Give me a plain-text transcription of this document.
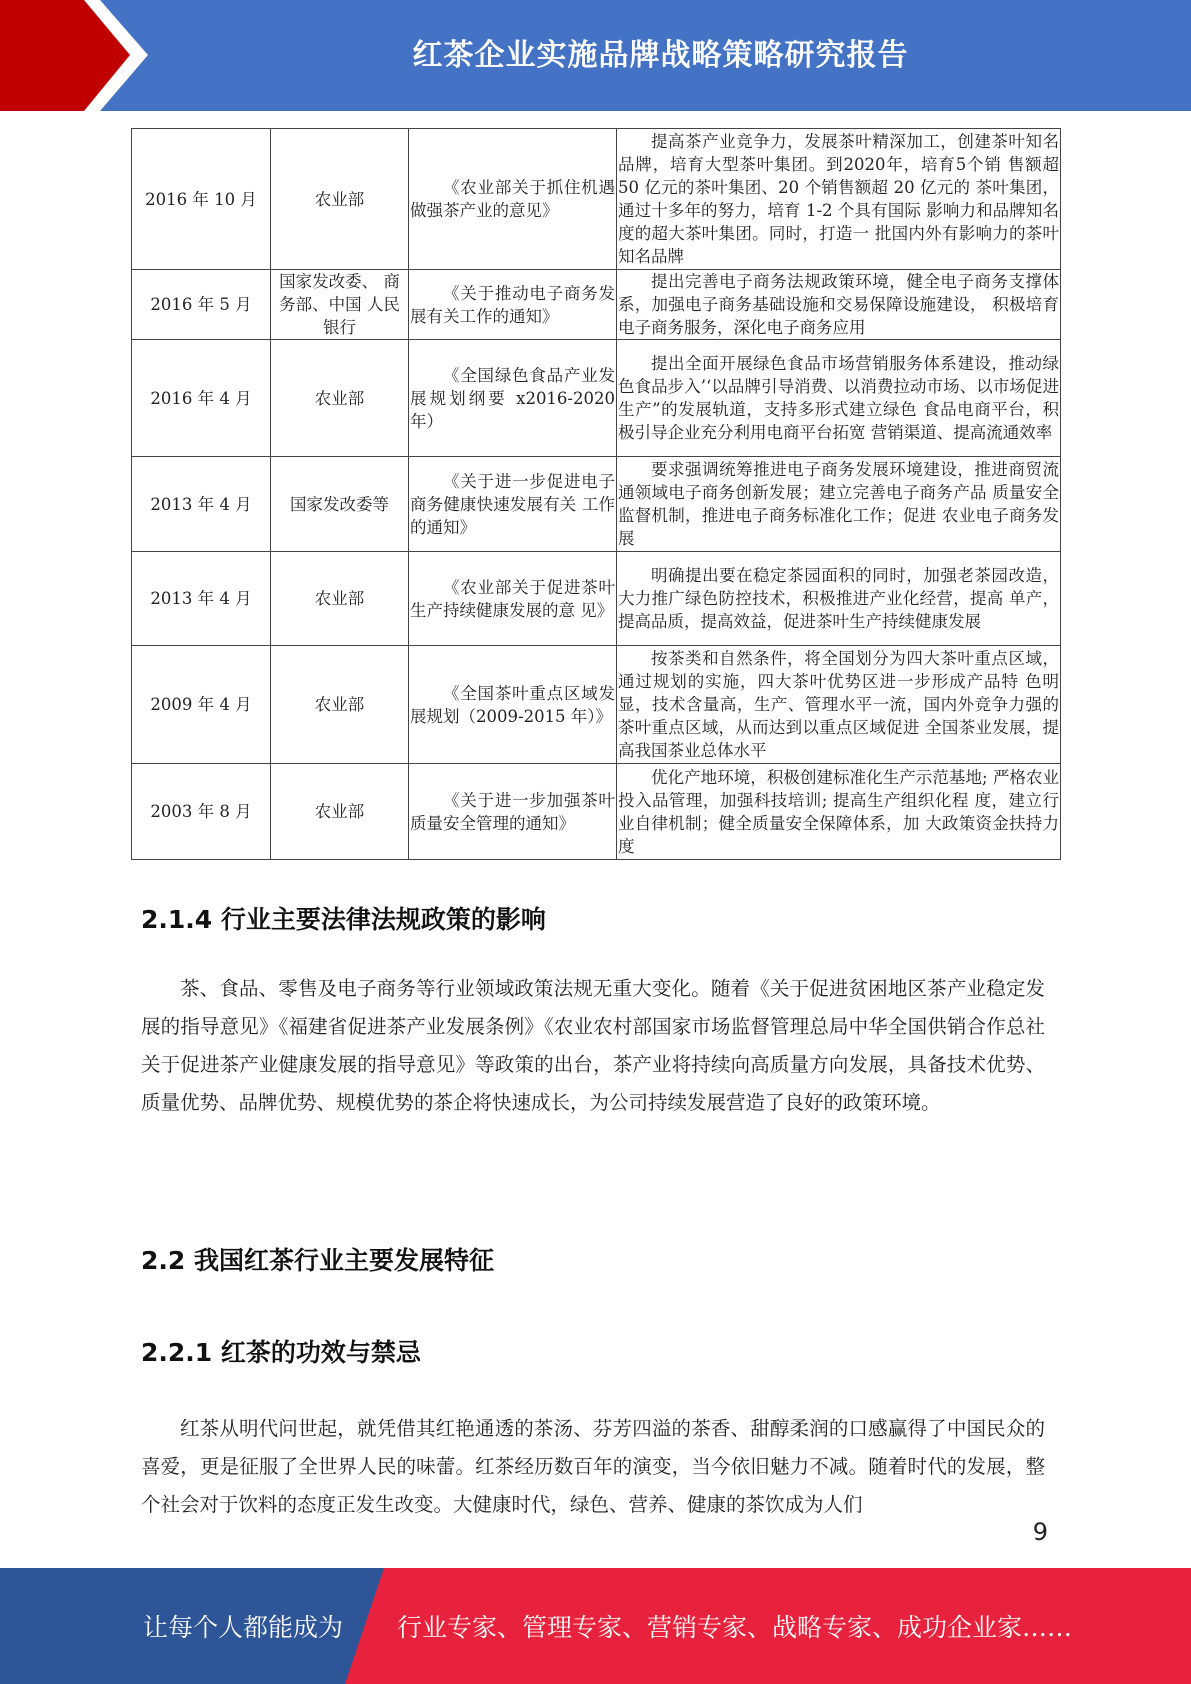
红茶企业实施品牌战略策略研究报告
2016 年 10 月	农业部	《农业部关于抓住机遇 做强茶产业的意见》	提高茶产业竞争力，发展茶叶精深加工，创建茶叶知名品牌，培育大型茶叶集团。到2020年，培育5个销 售额超 50 亿元的茶叶集团、20 个销售额超 20 亿元的 茶叶集团，通过十多年的努力，培育 1-2 个具有国际 影响力和品牌知名度的超大茶叶集团。同时，打造一 批国内外有影响力的茶叶知名品牌
2016 年 5 月	国家发改委、 商务部、中国 人民银行	《关于推动电子商务发 展有关工作的通知》	提出完善电子商务法规政策环境，健全电子商务支撑体系，加强电子商务基础设施和交易保障设施建设， 积极培育电子商务服务，深化电子商务应用
2016 年 4 月	农业部	《全国绿色食品产业发 展规划纲要 x2016-2020 年）	提出全面开展绿色食品市场营销服务体系建设，推动绿色食品步入’‘以品牌引导消费、以消费拉动市场、以市场促进生产”的发展轨道，支持多形式建立绿色 食品电商平台，积极引导企业充分利用电商平台拓宽 营销渠道、提高流通效率
2013 年 4 月	国家发改委等	《关于进一步促进电子 商务健康快速发展有关 工作的通知》	要求强调统筹推进电子商务发展环境建设，推进商贸流通领域电子商务创新发展；建立完善电子商务产品 质量安全监督机制，推进电子商务标准化工作；促进 农业电子商务发展
2013 年 4 月	农业部	《农业部关于促进茶叶 生产持续健康发展的意 见》	明确提出要在稳定茶园面积的同时，加强老茶园改造， 大力推广绿色防控技术，积极推进产业化经营，提高 单产，提高品质，提高效益，促进茶叶生产持续健康发展
2009 年 4 月	农业部	《全国茶叶重点区域发 展规划（2009-2015 年）》	按茶类和自然条件，将全国划分为四大茶叶重点区域， 通过规划的实施，四大茶叶优势区进一步形成产品特 色明显，技术含量高，生产、管理水平一流，国内外竞争力强的茶叶重点区域，从而达到以重点区域促进 全国茶业发展，提高我国茶业总体水平
2003 年 8 月	农业部	《关于进一步加强茶叶 质量安全管理的通知》	优化产地环境，积极创建标准化生产示范基地; 严格农业投入品管理，加强科技培训; 提高生产组织化程 度，建立行业自律机制；健全质量安全保障体系，加 大政策资金扶持力度
2.1.4 行业主要法律法规政策的影响

茶、食品、零售及电子商务等行业领域政策法规无重大变化。随着《关于促进贫困地区茶产业稳定发展的指导意见》《福建省促进茶产业发展条例》《农业农村部国家市场监督管理总局中华全国供销合作总社关于促进茶产业健康发展的指导意见》等政策的出台，茶产业将持续向高质量方向发展，具备技术优势、质量优势、品牌优势、规模优势的茶企将快速成长，为公司持续发展营造了良好的政策环境。

2.2 我国红茶行业主要发展特征
2.2.1 红茶的功效与禁忌

红茶从明代问世起，就凭借其红艳通透的茶汤、芬芳四溢的茶香、甜醇柔润的口感赢得了中国民众的喜爱，更是征服了全世界人民的味蕾。红茶经历数百年的演变，当今依旧魅力不减。随着时代的发展，整个社会对于饮料的态度正发生改变。大健康时代，绿色、营养、健康的茶饮成为人们

9
让每个人都能成为 行业专家、管理专家、营销专家、战略专家、成功企业家……
